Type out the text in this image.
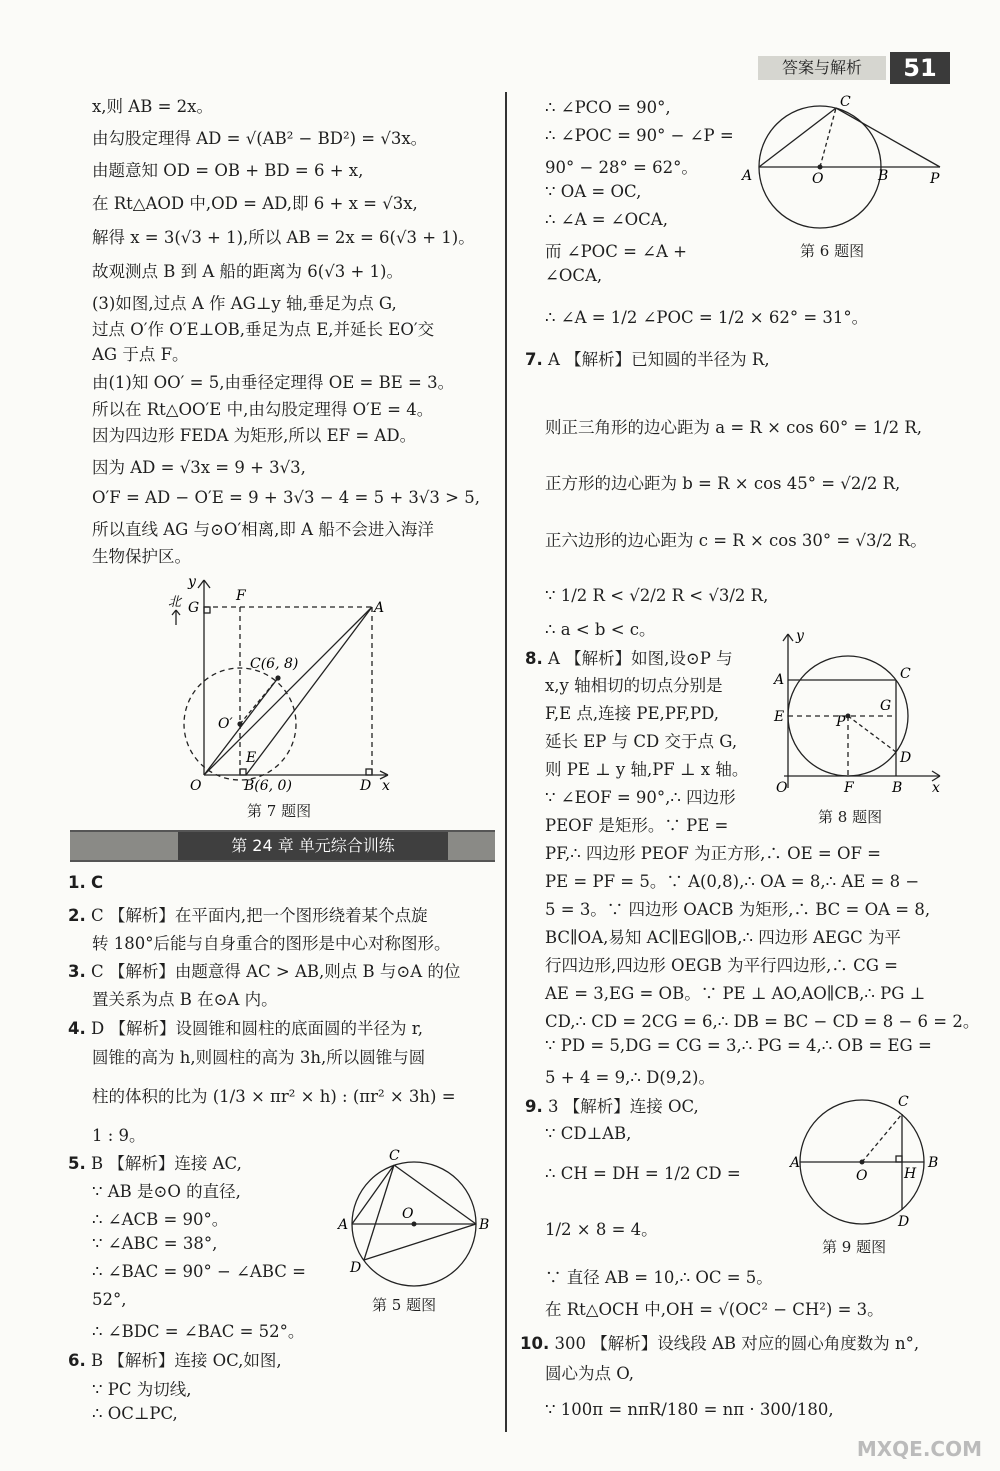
答案与解析	51
x,则 AB = 2x。
由勾股定理得 AD = √(AB² − BD²) = √3x。
由题意知 OD = OB + BD = 6 + x,
在 Rt△AOD 中,OD = AD,即 6 + x = √3x,
解得 x = 3(√3 + 1),所以 AB = 2x = 6(√3 + 1)。
故观测点 B 到 A 船的距离为 6(√3 + 1)。
(3)如图,过点 A 作 AG⊥y 轴,垂足为点 G,
过点 O′作 O′E⊥OB,垂足为点 E,并延长 EO′交
AG 于点 F。
由(1)知 OO′ = 5,由垂径定理得 OE = BE = 3。
所以在 Rt△OO′E 中,由勾股定理得 O′E = 4。
因为四边形 FEDA 为矩形,所以 EF = AD。
因为 AD = √3x = 9 + 3√3,
O′F = AD − O′E = 9 + 3√3 − 4 = 5 + 3√3 > 5,
所以直线 AG 与⊙O′相离,即 A 船不会进入海洋
生物保护区。
北
y
G
F
A
C(6, 8)
O′
E
O	B(6, 0)	D x
第 7 题图
第 24 章 单元综合训练
1. C
2. C 【解析】在平面内,把一个图形绕着某个点旋
转 180°后能与自身重合的图形是中心对称图形。
3. C 【解析】由题意得 AC > AB,则点 B 与⊙A 的位
置关系为点 B 在⊙A 内。
4. D 【解析】设圆锥和圆柱的底面圆的半径为 r,
圆锥的高为 h,则圆柱的高为 3h,所以圆锥与圆
柱的体积的比为 (1/3 × πr² × h) : (πr² × 3h) =
1 : 9。
5. B 【解析】连接 AC,
∵ AB 是⊙O 的直径,
∴ ∠ACB = 90°。
∵ ∠ABC = 38°,
∴ ∠BAC = 90° − ∠ABC =
52°,
∴ ∠BDC = ∠BAC = 52°。
6. B 【解析】连接 OC,如图,
∵ PC 为切线,
∴ OC⊥PC,
C
O
A	B
D
第 5 题图
∴ ∠PCO = 90°,
∴ ∠POC = 90° − ∠P =
90° − 28° = 62°。
∵ OA = OC,
∴ ∠A = ∠OCA,
而 ∠POC = ∠A +
∠OCA,
∴ ∠A = 1/2 ∠POC = 1/2 × 62° = 31°。
C
A	O	B	P
第 6 题图
7. A 【解析】已知圆的半径为 R,
则正三角形的边心距为 a = R × cos 60° = 1/2 R,
正方形的边心距为 b = R × cos 45° = √2/2 R,
正六边形的边心距为 c = R × cos 30° = √3/2 R。
∵ 1/2 R < √2/2 R < √3/2 R,
∴ a < b < c。
8. A 【解析】如图,设⊙P 与
x,y 轴相切的切点分别是
F,E 点,连接 PE,PF,PD,
延长 EP 与 CD 交于点 G,
则 PE ⊥ y 轴,PF ⊥ x 轴。
∵ ∠EOF = 90°,∴ 四边形
PEOF 是矩形。∵ PE =
PF,∴ 四边形 PEOF 为正方形,∴ OE = OF =
PE = PF = 5。∵ A(0,8),∴ OA = 8,∴ AE = 8 −
5 = 3。∵ 四边形 OACB 为矩形,∴ BC = OA = 8,
BC∥OA,易知 AC∥EG∥OB,∴ 四边形 AEGC 为平
行四边形,四边形 OEGB 为平行四边形,∴ CG =
AE = 3,EG = OB。∵ PE ⊥ AO,AO∥CB,∴ PG ⊥
CD,∴ CD = 2CG = 6,∴ DB = BC − CD = 8 − 6 = 2。
∵ PD = 5,DG = CG = 3,∴ PG = 4,∴ OB = EG =
5 + 4 = 9,∴ D(9,2)。
9. 3 【解析】连接 OC,
∵ CD⊥AB,
∴ CH = DH = 1/2 CD =
1/2 × 8 = 4。
∵ 直径 AB = 10,∴ OC = 5。
在 Rt△OCH 中,OH = √(OC² − CH²) = 3。
10. 300 【解析】设线段 AB 对应的圆心角度数为 n°,
圆心为点 O,
∵ 100π = nπR/180 = nπ · 300/180,
y
A	C
E
G
P
D
O	F	B x
第 8 题图
C
A
O	H
B
D
第 9 题图
MXQE.COM
